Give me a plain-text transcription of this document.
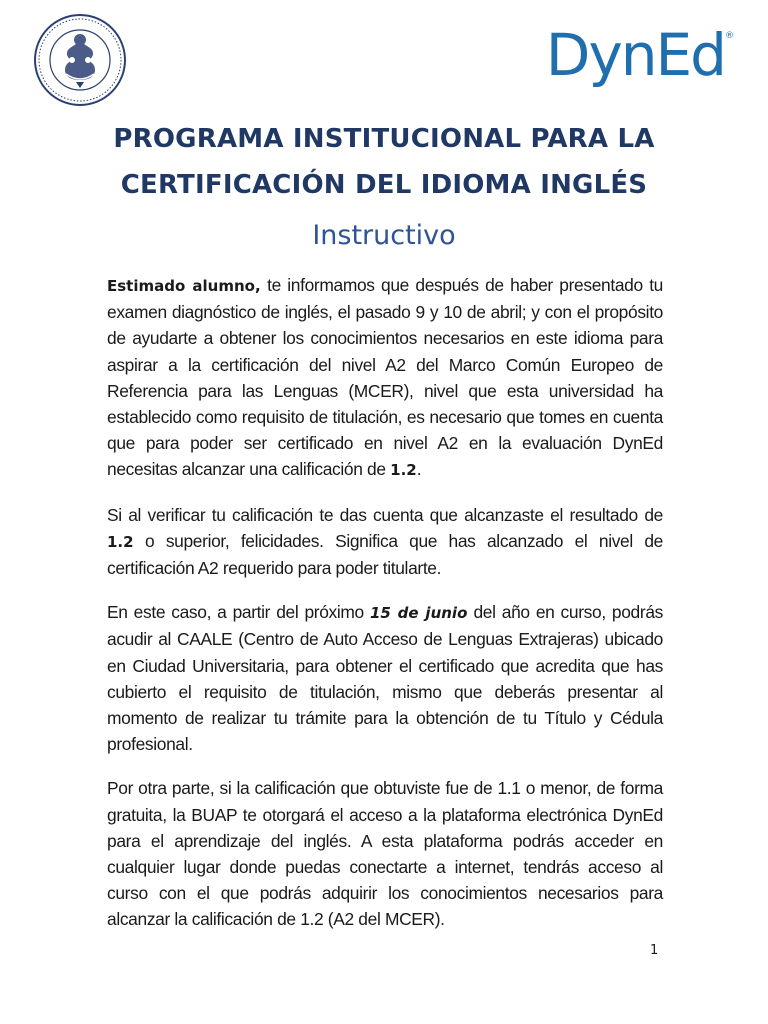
DynEd®
PROGRAMA INSTITUCIONAL PARA LA
CERTIFICACIÓN DEL IDIOMA INGLÉS
Instructivo

Estimado alumno, te informamos que después de haber presentado tu examen diagnóstico de inglés, el pasado 9 y 10 de abril; y con el propósito de ayudarte a obtener los conocimientos necesarios en este idioma para aspirar a la certificación del nivel A2 del Marco Común Europeo de Referencia para las Lenguas (MCER), nivel que esta universidad ha establecido como requisito de titulación, es necesario que tomes en cuenta que para poder ser certificado en nivel A2 en la evaluación DynEd necesitas alcanzar una calificación de 1.2.

Si al verificar tu calificación te das cuenta que alcanzaste el resultado de 1.2 o superior, felicidades. Significa que has alcanzado el nivel de certificación A2 requerido para poder titularte.

En este caso, a partir del próximo 15 de junio del año en curso, podrás acudir al CAALE (Centro de Auto Acceso de Lenguas Extrajeras) ubicado en Ciudad Universitaria, para obtener el certificado que acredita que has cubierto el requisito de titulación, mismo que deberás presentar al momento de realizar tu trámite para la obtención de tu Título y Cédula profesional.

Por otra parte, si la calificación que obtuviste fue de 1.1 o menor, de forma gratuita, la BUAP te otorgará el acceso a la plataforma electrónica DynEd para el aprendizaje del inglés. A esta plataforma podrás acceder en cualquier lugar donde puedas conectarte a internet, tendrás acceso al curso con el que podrás adquirir los conocimientos necesarios para alcanzar la calificación de 1.2 (A2 del MCER).

1
